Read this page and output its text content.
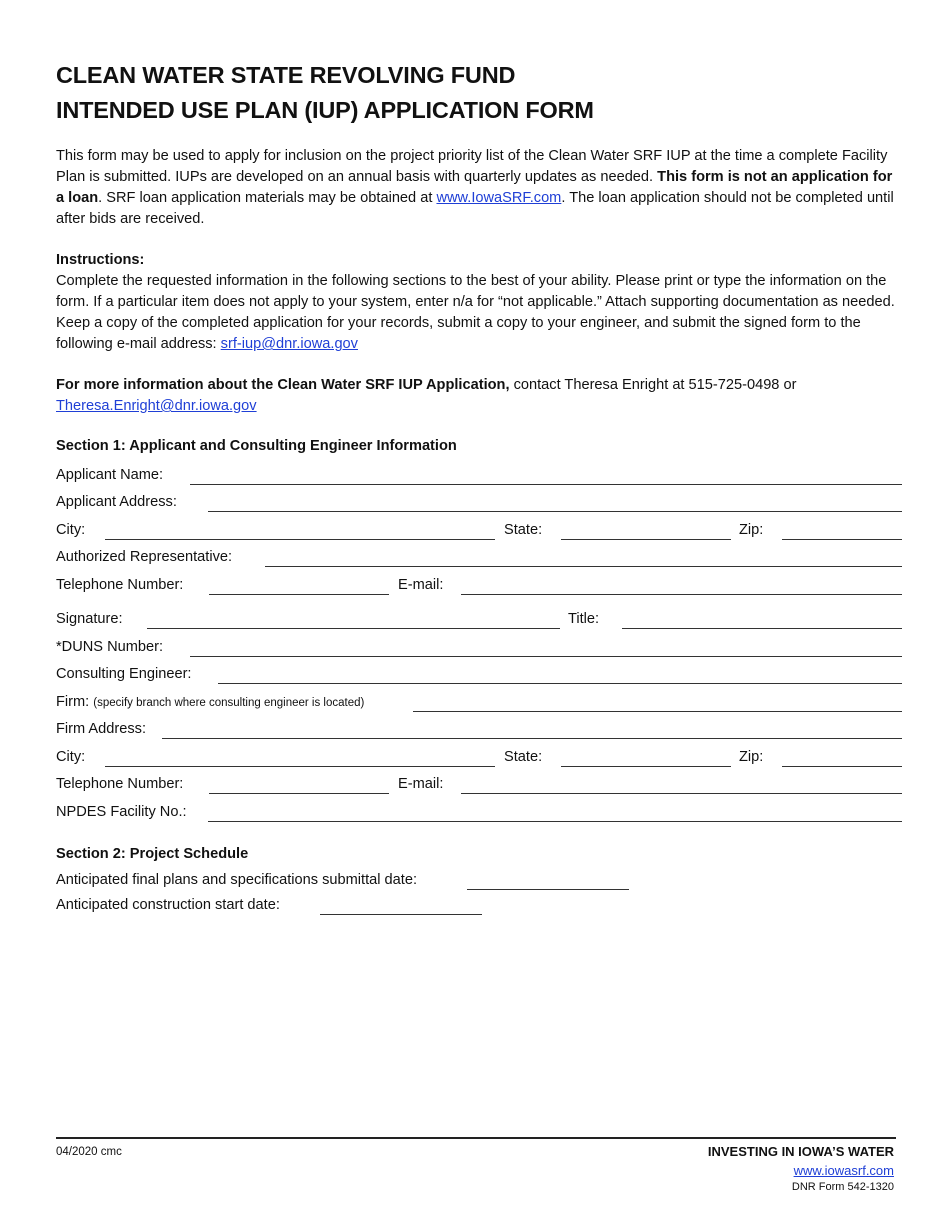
CLEAN WATER STATE REVOLVING FUND
INTENDED USE PLAN (IUP) APPLICATION FORM
This form may be used to apply for inclusion on the project priority list of the Clean Water SRF IUP at the time a complete Facility Plan is submitted. IUPs are developed on an annual basis with quarterly updates as needed. This form is not an application for a loan. SRF loan application materials may be obtained at www.IowaSRF.com. The loan application should not be completed until after bids are received.
Instructions:
Complete the requested information in the following sections to the best of your ability. Please print or type the information on the form. If a particular item does not apply to your system, enter n/a for “not applicable.” Attach supporting documentation as needed. Keep a copy of the completed application for your records, submit a copy to your engineer, and submit the signed form to the following e-mail address: srf-iup@dnr.iowa.gov
For more information about the Clean Water SRF IUP Application, contact Theresa Enright at 515-725-0498 or Theresa.Enright@dnr.iowa.gov
Section 1: Applicant and Consulting Engineer Information
Applicant Name:
Applicant Address:
City:	State:	Zip:
Authorized Representative:
Telephone Number:	E-mail:
Signature:	Title:
*DUNS Number:
Consulting Engineer:
Firm: (specify branch where consulting engineer is located)
Firm Address:
City:	State:	Zip:
Telephone Number:	E-mail:
NPDES Facility No.:
Section 2: Project Schedule
Anticipated final plans and specifications submittal date:
Anticipated construction start date:
04/2020 cmc	INVESTING IN IOWA’S WATER
www.iowasrf.com
DNR Form 542-1320
